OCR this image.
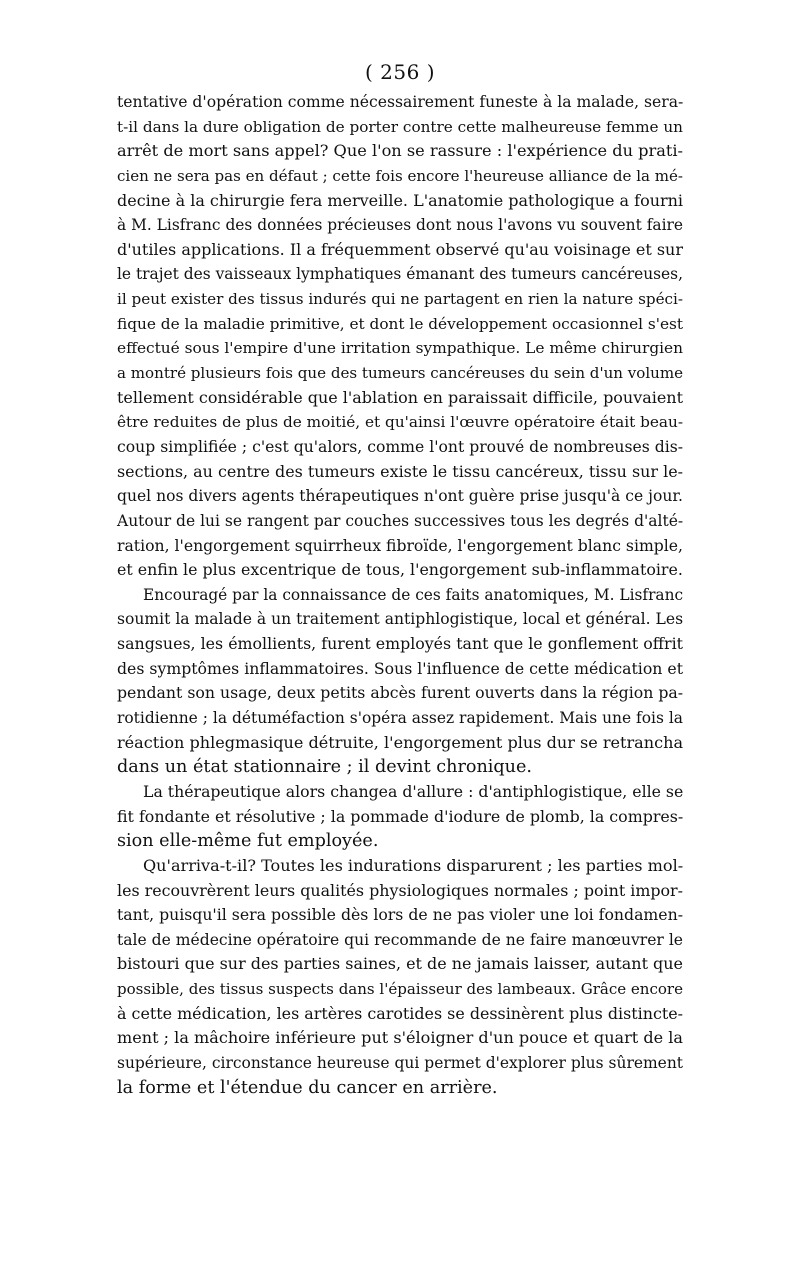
( 256 )
tentative d'opération comme nécessairement funeste à la malade, sera-
t-il dans la dure obligation de porter contre cette malheureuse femme un
arrêt de mort sans appel? Que l'on se rassure : l'expérience du prati-
cien ne sera pas en défaut ; cette fois encore l'heureuse alliance de la mé-
decine à la chirurgie fera merveille. L'anatomie pathologique a fourni
à M. Lisfranc des données précieuses dont nous l'avons vu souvent faire
d'utiles applications. Il a fréquemment observé qu'au voisinage et sur
le trajet des vaisseaux lymphatiques émanant des tumeurs cancéreuses,
il peut exister des tissus indurés qui ne partagent en rien la nature spéci-
fique de la maladie primitive, et dont le développement occasionnel s'est
effectué sous l'empire d'une irritation sympathique. Le même chirurgien
a montré plusieurs fois que des tumeurs cancéreuses du sein d'un volume
tellement considérable que l'ablation en paraissait difficile, pouvaient
être reduites de plus de moitié, et qu'ainsi l'œuvre opératoire était beau-
coup simplifiée ; c'est qu'alors, comme l'ont prouvé de nombreuses dis-
sections, au centre des tumeurs existe le tissu cancéreux, tissu sur le-
quel nos divers agents thérapeutiques n'ont guère prise jusqu'à ce jour.
Autour de lui se rangent par couches successives tous les degrés d'alté-
ration, l'engorgement squirrheux fibroïde, l'engorgement blanc simple,
et enfin le plus excentrique de tous, l'engorgement sub-inflammatoire.
Encouragé par la connaissance de ces faits anatomiques, M. Lisfranc
soumit la malade à un traitement antiphlogistique, local et général. Les
sangsues, les émollients, furent employés tant que le gonflement offrit
des symptômes inflammatoires. Sous l'influence de cette médication et
pendant son usage, deux petits abcès furent ouverts dans la région pa-
rotidienne ; la détuméfaction s'opéra assez rapidement. Mais une fois la
réaction phlegmasique détruite, l'engorgement plus dur se retrancha
dans un état stationnaire ; il devint chronique.
La thérapeutique alors changea d'allure : d'antiphlogistique, elle se
fit fondante et résolutive ; la pommade d'iodure de plomb, la compres-
sion elle-même fut employée.
Qu'arriva-t-il? Toutes les indurations disparurent ; les parties mol-
les recouvrèrent leurs qualités physiologiques normales ; point impor-
tant, puisqu'il sera possible dès lors de ne pas violer une loi fondamen-
tale de médecine opératoire qui recommande de ne faire manœuvrer le
bistouri que sur des parties saines, et de ne jamais laisser, autant que
possible, des tissus suspects dans l'épaisseur des lambeaux. Grâce encore
à cette médication, les artères carotides se dessinèrent plus distincte-
ment ; la mâchoire inférieure put s'éloigner d'un pouce et quart de la
supérieure, circonstance heureuse qui permet d'explorer plus sûrement
la forme et l'étendue du cancer en arrière.
